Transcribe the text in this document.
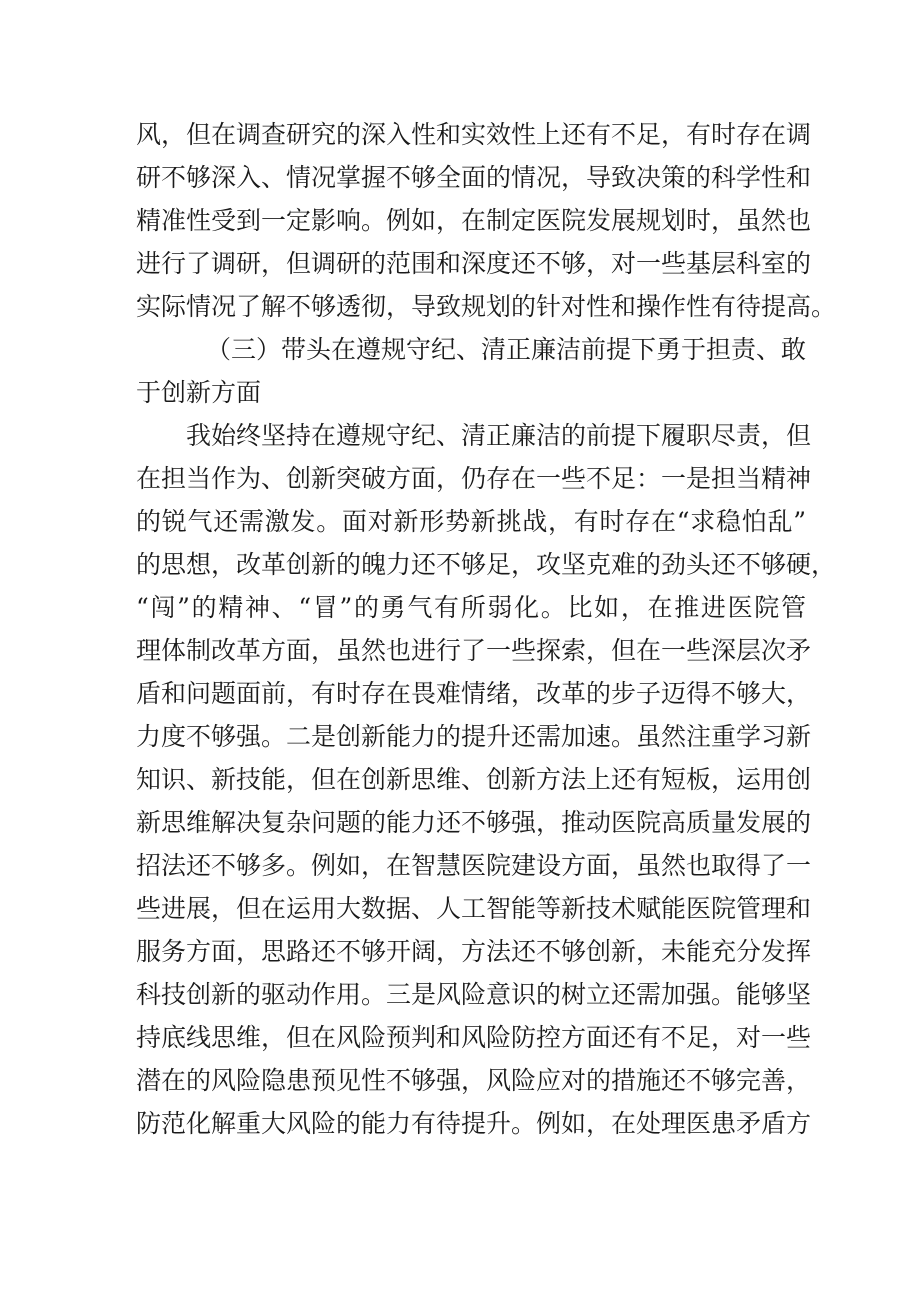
风，但在调查研究的深入性和实效性上还有不足，有时存在调
研不够深入、情况掌握不够全面的情况，导致决策的科学性和
精准性受到一定影响。例如，在制定医院发展规划时，虽然也
进行了调研，但调研的范围和深度还不够，对一些基层科室的
实际情况了解不够透彻，导致规划的针对性和操作性有待提高。
（三）带头在遵规守纪、清正廉洁前提下勇于担责、敢
于创新方面
我始终坚持在遵规守纪、清正廉洁的前提下履职尽责，但
在担当作为、创新突破方面，仍存在一些不足：一是担当精神
的锐气还需激发。面对新形势新挑战，有时存在“求稳怕乱”
的思想，改革创新的魄力还不够足，攻坚克难的劲头还不够硬，
“闯”的精神、“冒”的勇气有所弱化。比如，在推进医院管
理体制改革方面，虽然也进行了一些探索，但在一些深层次矛
盾和问题面前，有时存在畏难情绪，改革的步子迈得不够大，
力度不够强。二是创新能力的提升还需加速。虽然注重学习新
知识、新技能，但在创新思维、创新方法上还有短板，运用创
新思维解决复杂问题的能力还不够强，推动医院高质量发展的
招法还不够多。例如，在智慧医院建设方面，虽然也取得了一
些进展，但在运用大数据、人工智能等新技术赋能医院管理和
服务方面，思路还不够开阔，方法还不够创新，未能充分发挥
科技创新的驱动作用。三是风险意识的树立还需加强。能够坚
持底线思维，但在风险预判和风险防控方面还有不足，对一些
潜在的风险隐患预见性不够强，风险应对的措施还不够完善，
防范化解重大风险的能力有待提升。例如，在处理医患矛盾方
